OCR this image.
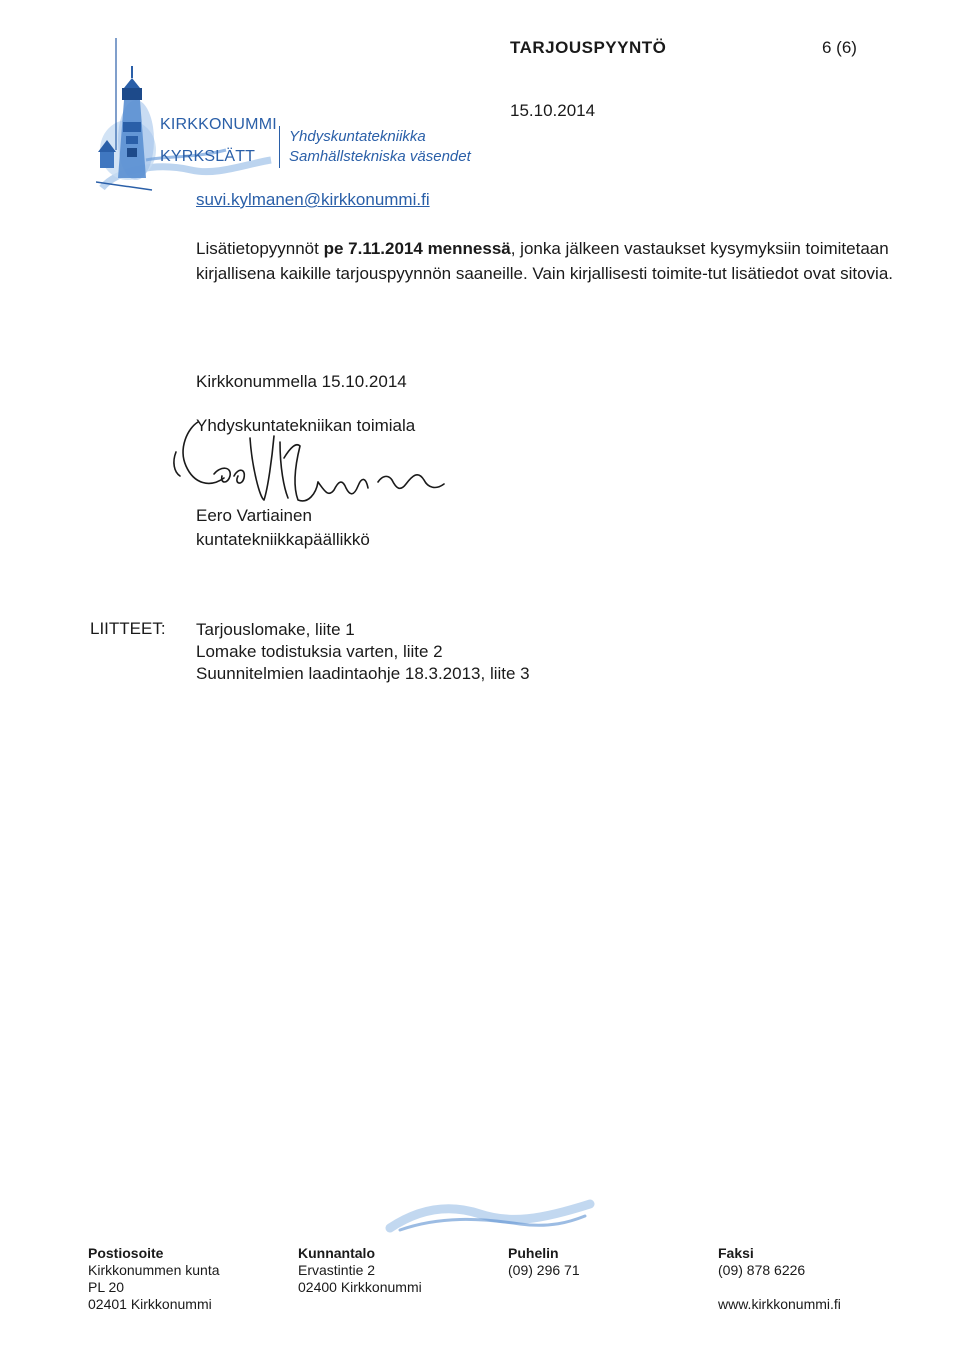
TARJOUSPYYNTÖ	6 (6)
15.10.2014
KIRKKONUMMI
KYRKSLÄTT
Yhdyskuntatekniikka
Samhällstekniska väsendet
suvi.kylmanen@kirkkonummi.fi
Lisätietopyynnöt pe 7.11.2014 mennessä, jonka jälkeen vastaukset kysymyksiin toimitetaan kirjallisena kaikille tarjouspyynnön saaneille. Vain kirjallisesti toimite-tut lisätiedot ovat sitovia.
Kirkkonummella 15.10.2014
Yhdyskuntatekniikan toimiala
Eero Vartiainen
kuntatekniikkapäällikkö
LIITTEET: Tarjouslomake, liite 1
Lomake todistuksia varten, liite 2
Suunnitelmien laadintaohje 18.3.2013, liite 3
Postiosoite
Kirkkonummen kunta
PL 20
02401 Kirkkonummi
Kunnantalo
Ervastintie 2
02400 Kirkkonummi
Puhelin
(09) 296 71
Faksi
(09) 878 6226
www.kirkkonummi.fi
